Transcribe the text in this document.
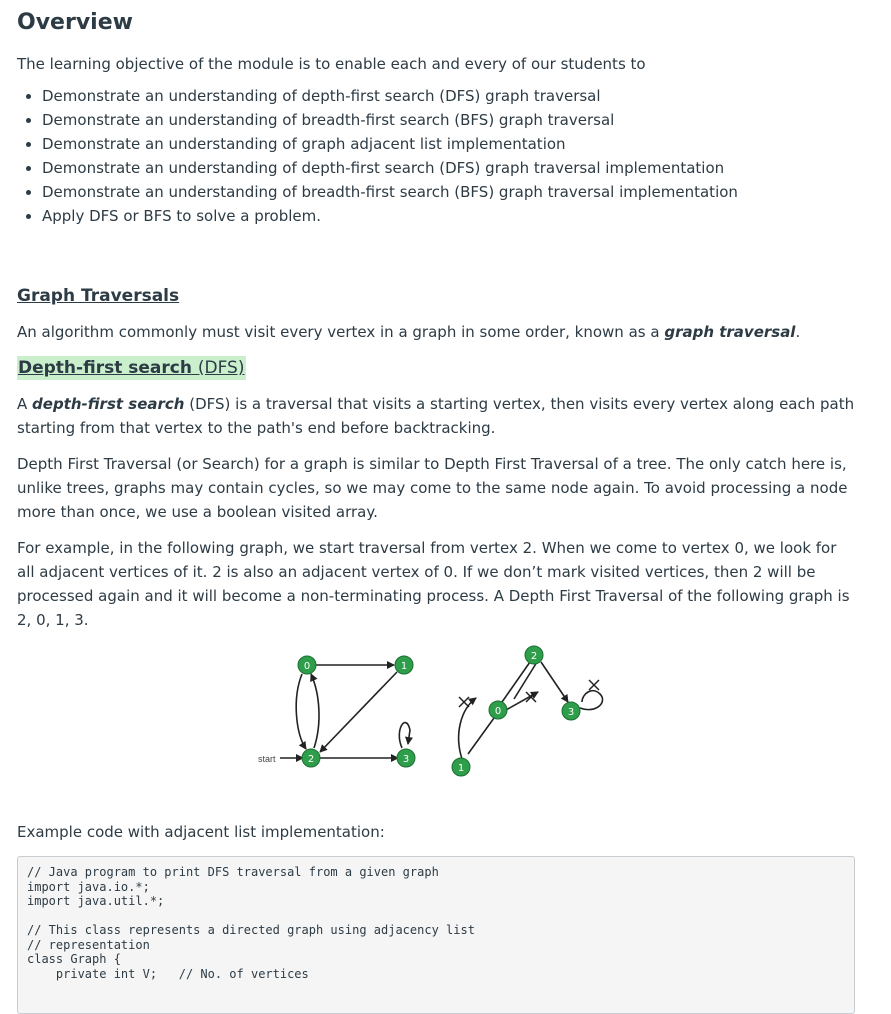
Overview

The learning objective of the module is to enable each and every of our students to

Demonstrate an understanding of depth-first search (DFS) graph traversal
Demonstrate an understanding of breadth-first search (BFS) graph traversal
Demonstrate an understanding of graph adjacent list implementation
Demonstrate an understanding of depth-first search (DFS) graph traversal implementation
Demonstrate an understanding of breadth-first search (BFS) graph traversal implementation
Apply DFS or BFS to solve a problem.
Graph Traversals

An algorithm commonly must visit every vertex in a graph in some order, known as a graph traversal.

Depth-first search (DFS)

A depth-first search (DFS) is a traversal that visits a starting vertex, then visits every vertex along each path starting from that vertex to the path's end before backtracking.

Depth First Traversal (or Search) for a graph is similar to Depth First Traversal of a tree. The only catch here is, unlike trees, graphs may contain cycles, so we may come to the same node again. To avoid processing a node more than once, we use a boolean visited array.

For example, in the following graph, we start traversal from vertex 2. When we come to vertex 0, we look for all adjacent vertices of it. 2 is also an adjacent vertex of 0. If we don’t mark visited vertices, then 2 will be processed again and it will become a non-terminating process. A Depth First Traversal of the following graph is 2, 0, 1, 3.

start
0	1
2	3
2
0	3
1

Example code with adjacent list implementation:

// Java program to print DFS traversal from a given graph
import java.io.*;
import java.util.*;

// This class represents a directed graph using adjacency list
// representation
class Graph {
private int V;   // No. of vertices
